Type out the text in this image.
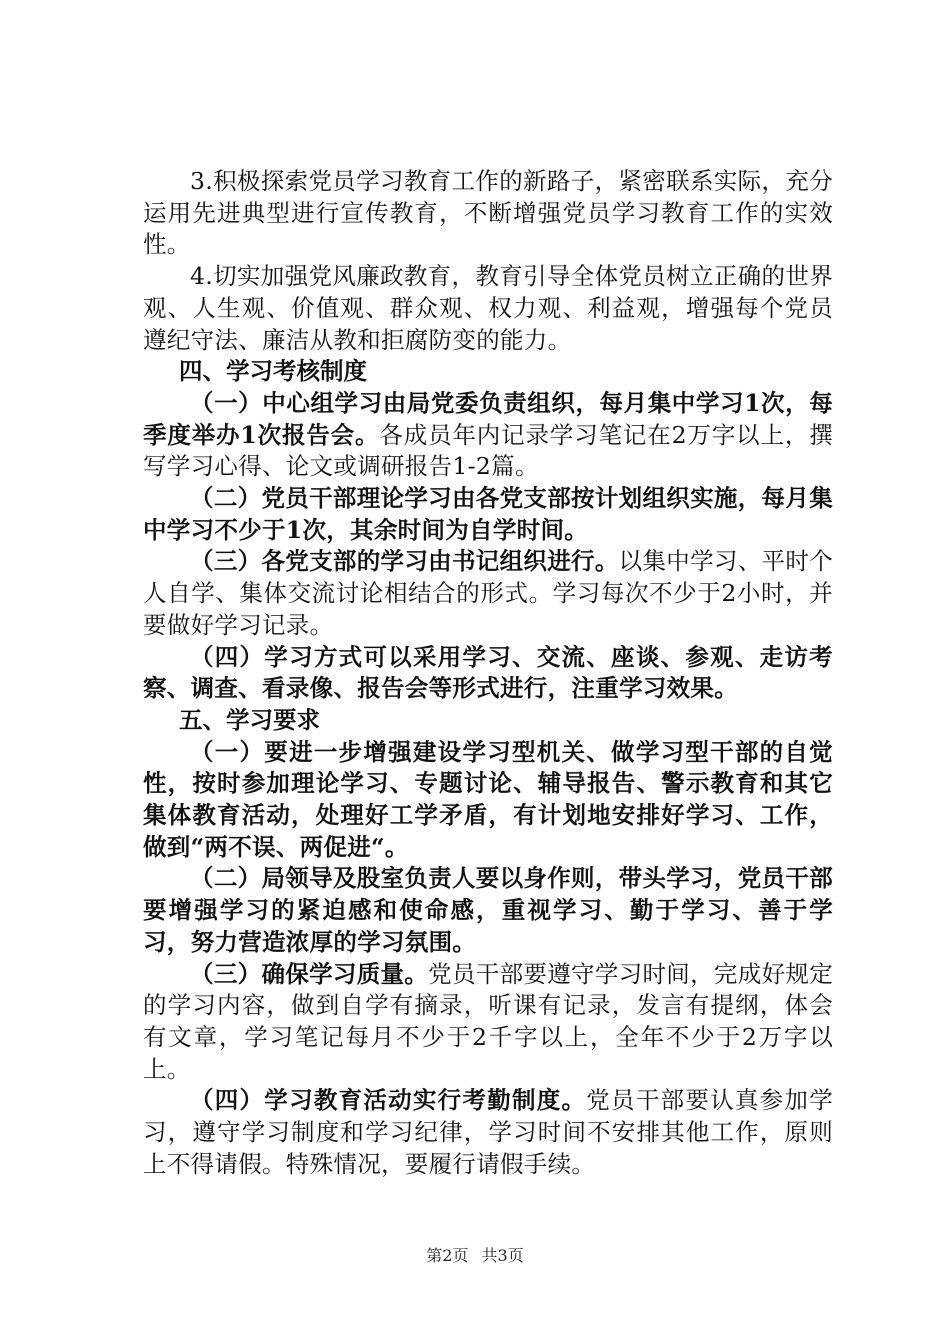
3.积极探索党员学习教育工作的新路子，紧密联系实际，充分运用先进典型进行宣传教育，不断增强党员学习教育工作的实效性。

4.切实加强党风廉政教育，教育引导全体党员树立正确的世界观、人生观、价值观、群众观、权力观、利益观，增强每个党员遵纪守法、廉洁从教和拒腐防变的能力。

四、学习考核制度

（一）中心组学习由局党委负责组织，每月集中学习1次，每季度举办1次报告会。各成员年内记录学习笔记在2万字以上，撰写学习心得、论文或调研报告1-2篇。

（二）党员干部理论学习由各党支部按计划组织实施，每月集中学习不少于1次，其余时间为自学时间。

（三）各党支部的学习由书记组织进行。以集中学习、平时个人自学、集体交流讨论相结合的形式。学习每次不少于2小时，并要做好学习记录。

（四）学习方式可以采用学习、交流、座谈、参观、走访考察、调查、看录像、报告会等形式进行，注重学习效果。

五、学习要求

（一）要进一步增强建设学习型机关、做学习型干部的自觉性，按时参加理论学习、专题讨论、辅导报告、警示教育和其它集体教育活动，处理好工学矛盾，有计划地安排好学习、工作，做到“两不误、两促进“。

（二）局领导及股室负责人要以身作则，带头学习，党员干部要增强学习的紧迫感和使命感，重视学习、勤于学习、善于学习，努力营造浓厚的学习氛围。

（三）确保学习质量。党员干部要遵守学习时间，完成好规定的学习内容，做到自学有摘录，听课有记录，发言有提纲，体会有文章，学习笔记每月不少于2千字以上，全年不少于2万字以上。

（四）学习教育活动实行考勤制度。党员干部要认真参加学习，遵守学习制度和学习纪律，学习时间不安排其他工作，原则上不得请假。特殊情况，要履行请假手续。

第2页 共3页
